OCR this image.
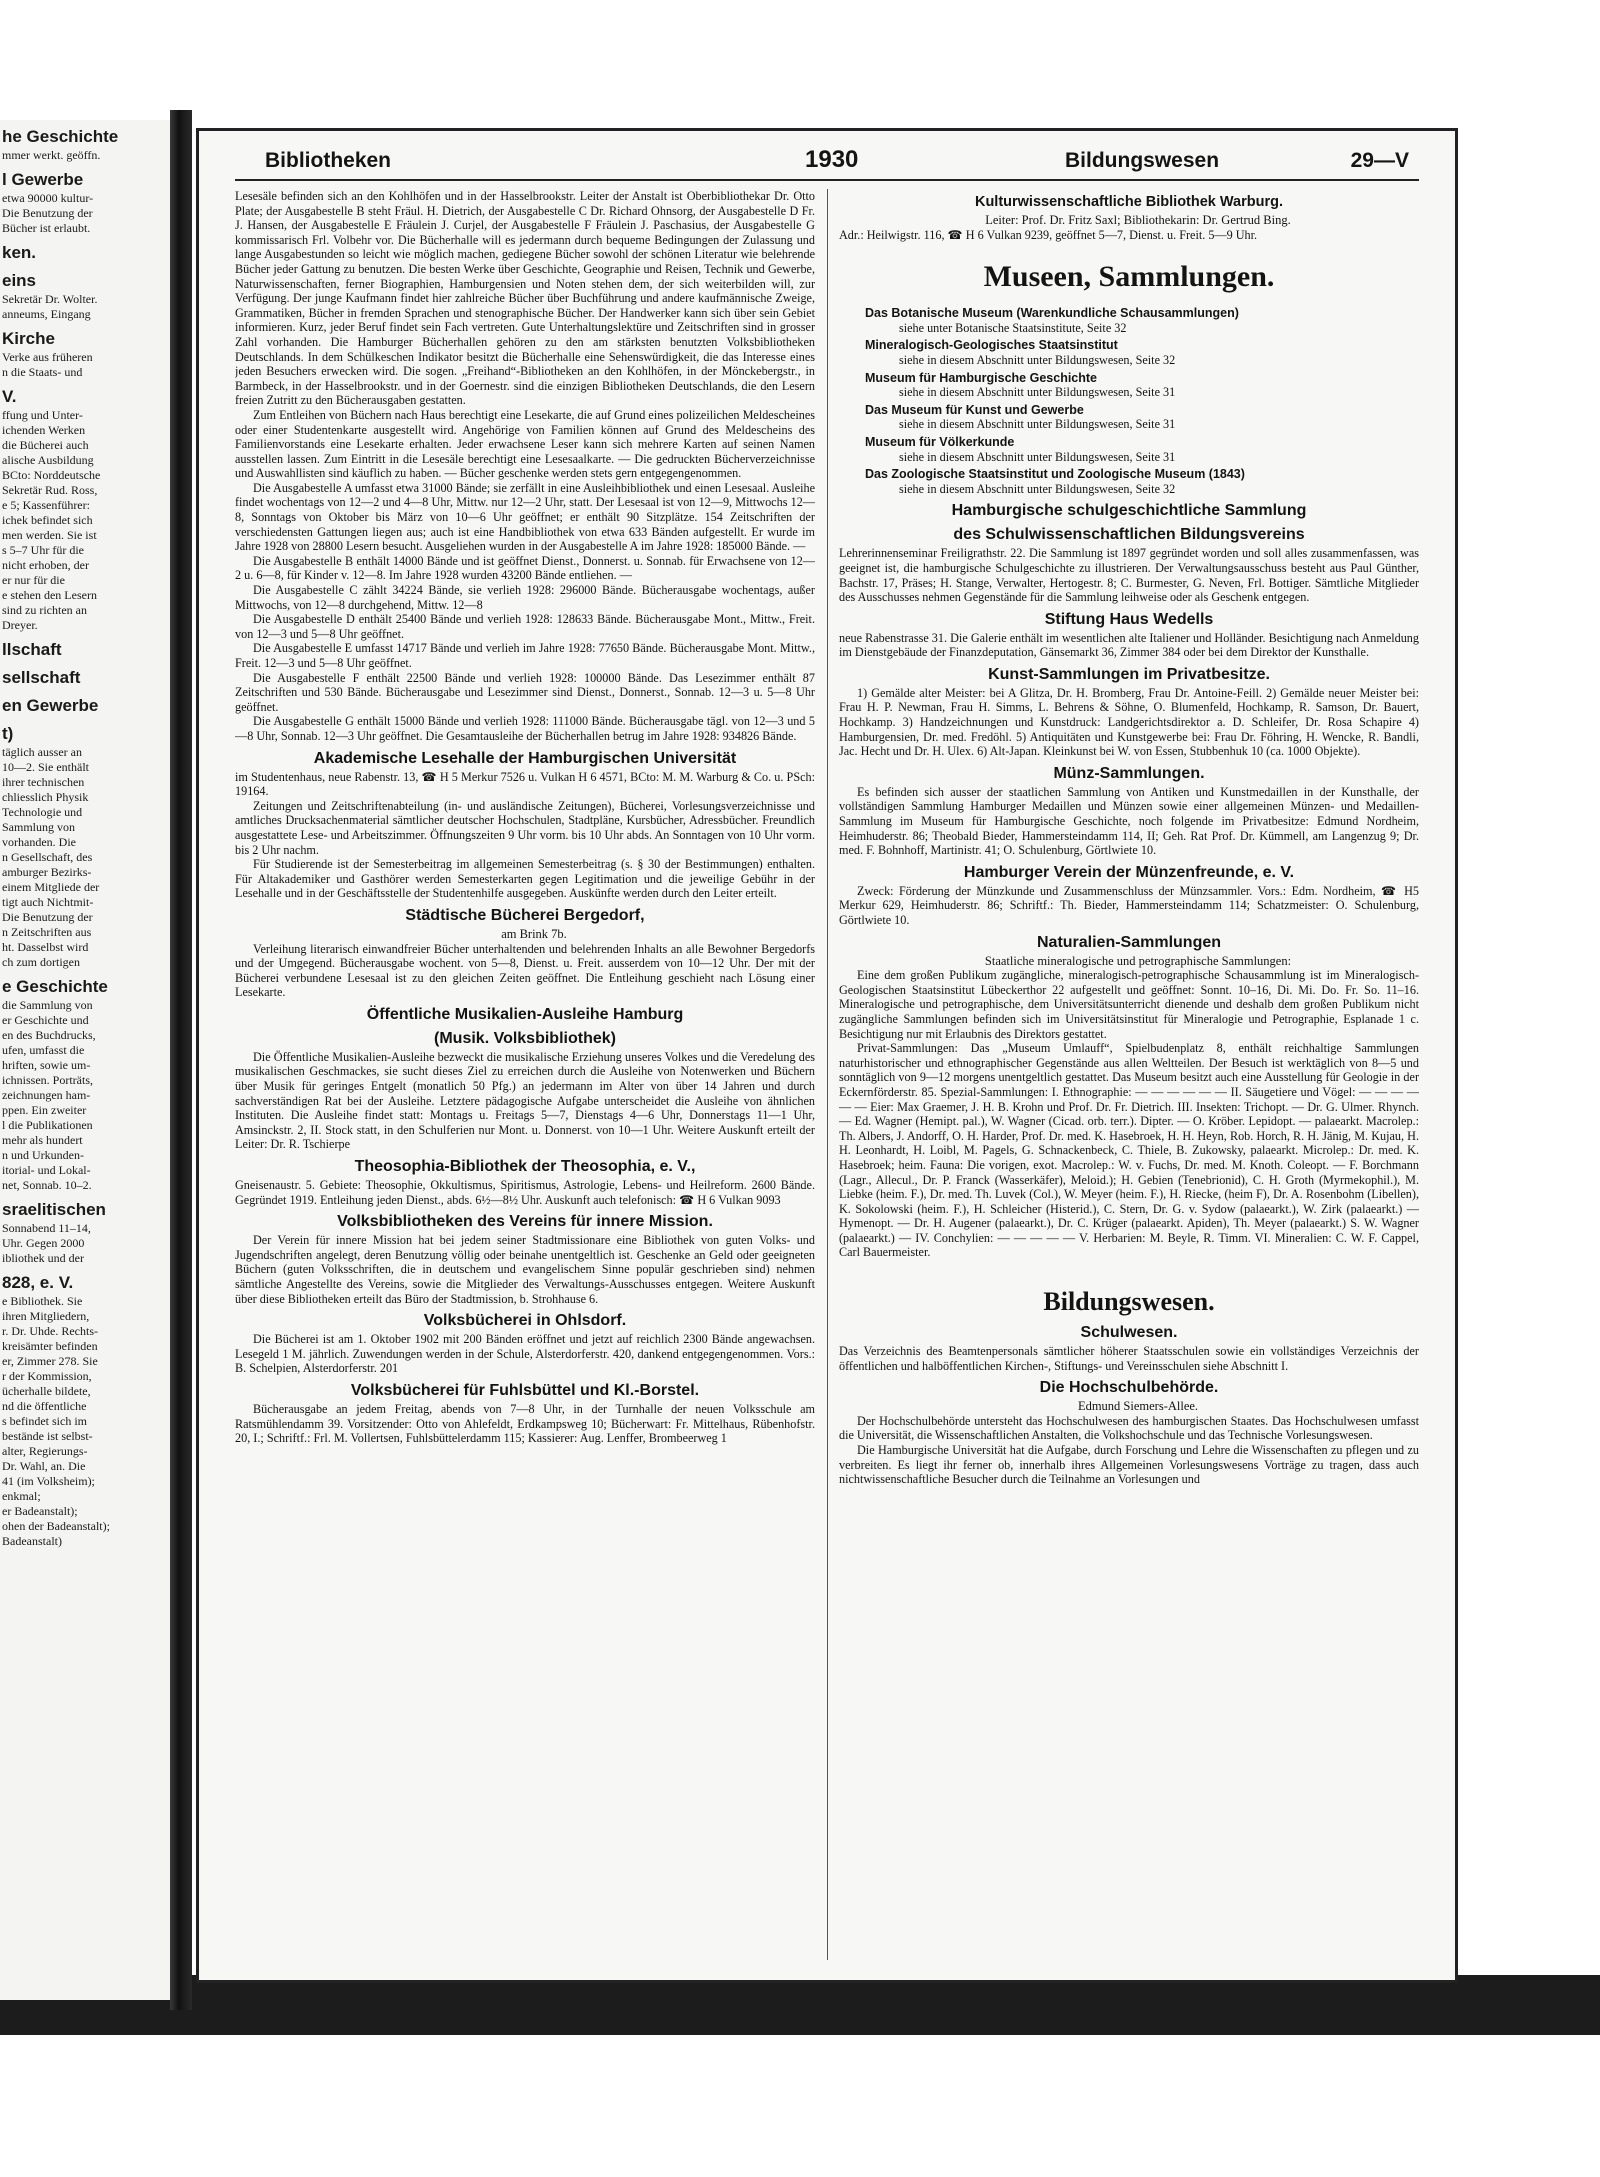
he Geschichte
mmer werkt. geöffn.
l Gewerbe
etwa 90000 kultur-
Die Benutzung der
Bücher ist erlaubt.
ken.
eins
Sekretär Dr. Wolter.
anneums, Eingang
Kirche
Verke aus früheren
n die Staats- und
V.
ffung und Unter-
ichenden Werken
die Bücherei auch
alische Ausbildung
BCto: Norddeutsche
Sekretär Rud. Ross,
e 5; Kassenführer:
ichek befindet sich
men werden. Sie ist
s 5–7 Uhr für die
nicht erhoben, der
er nur für die
e stehen den Lesern
sind zu richten an
Dreyer.
llschaft
sellschaft
en Gewerbe
t)
täglich ausser an
10—2. Sie enthält
ihrer technischen
chliesslich Physik
Technologie und
Sammlung von
vorhanden. Die
n Gesellschaft, des
amburger Bezirks-
einem Mitgliede der
tigt auch Nichtmit-
Die Benutzung der
n Zeitschriften aus
ht. Dasselbst wird
ch zum dortigen
e Geschichte
die Sammlung von
er Geschichte und
en des Buchdrucks,
ufen, umfasst die
hriften, sowie um-
ichnissen. Porträts,
zeichnungen ham-
ppen. Ein zweiter
l die Publikationen
mehr als hundert
n und Urkunden-
itorial- und Lokal-
net, Sonnab. 10–2.
sraelitischen
Sonnabend 11–14,
Uhr. Gegen 2000
ibliothek und der
828, e. V.
e Bibliothek. Sie
ihren Mitgliedern,
r. Dr. Uhde. Rechts-
kreisämter befinden
er, Zimmer 278. Sie
r der Kommission,
ücherhalle bildete,
nd die öffentliche
s befindet sich im
bestände ist selbst-
alter, Regierungs-
Dr. Wahl, an. Die
41 (im Volksheim);
enkmal;
er Badeanstalt);
ohen der Badeanstalt);
Badeanstalt)
Bibliotheken	1930	Bildungswesen	29—V

Lesesäle befinden sich an den Kohlhöfen und in der Hasselbrookstr. Leiter der Anstalt ist Oberbibliothekar Dr. Otto Plate; der Ausgabestelle B steht Fräul. H. Dietrich, der Ausgabestelle C Dr. Richard Ohnsorg, der Ausgabestelle D Fr. J. Hansen, der Ausgabestelle E Fräulein J. Curjel, der Ausgabestelle F Fräulein J. Paschasius, der Ausgabestelle G kommissarisch Frl. Volbehr vor. Die Bücherhalle will es jedermann durch bequeme Bedingungen der Zulassung und lange Ausgabestunden so leicht wie möglich machen, gediegene Bücher sowohl der schönen Literatur wie belehrende Bücher jeder Gattung zu benutzen. Die besten Werke über Geschichte, Geographie und Reisen, Technik und Gewerbe, Naturwissenschaften, ferner Biographien, Hamburgensien und Noten stehen dem, der sich weiterbilden will, zur Verfügung. Der junge Kaufmann findet hier zahlreiche Bücher über Buchführung und andere kaufmännische Zweige, Grammatiken, Bücher in fremden Sprachen und stenographische Bücher. Der Handwerker kann sich über sein Gebiet informieren. Kurz, jeder Beruf findet sein Fach vertreten. Gute Unterhaltungslektüre und Zeitschriften sind in grosser Zahl vorhanden. Die Hamburger Bücherhallen gehören zu den am stärksten benutzten Volksbibliotheken Deutschlands. In dem Schülkeschen Indikator besitzt die Bücherhalle eine Sehenswürdigkeit, die das Interesse eines jeden Besuchers erwecken wird. Die sogen. „Freihand“-Bibliotheken an den Kohlhöfen, in der Mönckebergstr., in Barmbeck, in der Hasselbrookstr. und in der Goernestr. sind die einzigen Bibliotheken Deutschlands, die den Lesern freien Zutritt zu den Bücherausgaben gestatten.

Zum Entleihen von Büchern nach Haus berechtigt eine Lesekarte, die auf Grund eines polizeilichen Meldescheines oder einer Studentenkarte ausgestellt wird. Angehörige von Familien können auf Grund des Meldescheins des Familienvorstands eine Lesekarte erhalten. Jeder erwachsene Leser kann sich mehrere Karten auf seinen Namen ausstellen lassen. Zum Eintritt in die Lesesäle berechtigt eine Lesesaalkarte. — Die gedruckten Bücherverzeichnisse und Auswahllisten sind käuflich zu haben. — Bücher geschenke werden stets gern entgegengenommen.

Die Ausgabestelle A umfasst etwa 31000 Bände; sie zerfällt in eine Ausleihbibliothek und einen Lesesaal. Ausleihe findet wochentags von 12—2 und 4—8 Uhr, Mittw. nur 12—2 Uhr, statt. Der Lesesaal ist von 12—9, Mittwochs 12—8, Sonntags von Oktober bis März von 10—6 Uhr geöffnet; er enthält 90 Sitzplätze. 154 Zeitschriften der verschiedensten Gattungen liegen aus; auch ist eine Handbibliothek von etwa 633 Bänden aufgestellt. Er wurde im Jahre 1928 von 28800 Lesern besucht. Ausgeliehen wurden in der Ausgabestelle A im Jahre 1928: 185000 Bände. —

Die Ausgabestelle B enthält 14000 Bände und ist geöffnet Dienst., Donnerst. u. Sonnab. für Erwachsene von 12—2 u. 6—8, für Kinder v. 12—8. Im Jahre 1928 wurden 43200 Bände entliehen. —

Die Ausgabestelle C zählt 34224 Bände, sie verlieh 1928: 296000 Bände. Bücherausgabe wochentags, außer Mittwochs, von 12—8 durchgehend, Mittw. 12—8

Die Ausgabestelle D enthält 25400 Bände und verlieh 1928: 128633 Bände. Bücherausgabe Mont., Mittw., Freit. von 12—3 und 5—8 Uhr geöffnet.

Die Ausgabestelle E umfasst 14717 Bände und verlieh im Jahre 1928: 77650 Bände. Bücherausgabe Mont. Mittw., Freit. 12—3 und 5—8 Uhr geöffnet.

Die Ausgabestelle F enthält 22500 Bände und verlieh 1928: 100000 Bände. Das Lesezimmer enthält 87 Zeitschriften und 530 Bände. Bücherausgabe und Lesezimmer sind Dienst., Donnerst., Sonnab. 12—3 u. 5—8 Uhr geöffnet.

Die Ausgabestelle G enthält 15000 Bände und verlieh 1928: 111000 Bände. Bücherausgabe tägl. von 12—3 und 5—8 Uhr, Sonnab. 12—3 Uhr geöffnet. Die Gesamtausleihe der Bücherhallen betrug im Jahre 1928: 934826 Bände.

Akademische Lesehalle der Hamburgischen Universität

im Studentenhaus, neue Rabenstr. 13, ☎ H 5 Merkur 7526 u. Vulkan H 6 4571, BCto: M. M. Warburg & Co. u. PSch: 19164.

Zeitungen und Zeitschriftenabteilung (in- und ausländische Zeitungen), Bücherei, Vorlesungsverzeichnisse und amtliches Drucksachenmaterial sämtlicher deutscher Hochschulen, Stadtpläne, Kursbücher, Adressbücher. Freundlich ausgestattete Lese- und Arbeitszimmer. Öffnungszeiten 9 Uhr vorm. bis 10 Uhr abds. An Sonntagen von 10 Uhr vorm. bis 2 Uhr nachm.

Für Studierende ist der Semesterbeitrag im allgemeinen Semesterbeitrag (s. § 30 der Bestimmungen) enthalten. Für Altakademiker und Gasthörer werden Semesterkarten gegen Legitimation und die jeweilige Gebühr in der Lesehalle und in der Geschäftsstelle der Studentenhilfe ausgegeben. Auskünfte werden durch den Leiter erteilt.

Städtische Bücherei Bergedorf,

am Brink 7b.

Verleihung literarisch einwandfreier Bücher unterhaltenden und belehrenden Inhalts an alle Bewohner Bergedorfs und der Umgegend. Bücherausgabe wochent. von 5—8, Dienst. u. Freit. ausserdem von 10—12 Uhr. Der mit der Bücherei verbundene Lesesaal ist zu den gleichen Zeiten geöffnet. Die Entleihung geschieht nach Lösung einer Lesekarte.

Öffentliche Musikalien-Ausleihe Hamburg
(Musik. Volksbibliothek)

Die Öffentliche Musikalien-Ausleihe bezweckt die musikalische Erziehung unseres Volkes und die Veredelung des musikalischen Geschmackes, sie sucht dieses Ziel zu erreichen durch die Ausleihe von Notenwerken und Büchern über Musik für geringes Entgelt (monatlich 50 Pfg.) an jedermann im Alter von über 14 Jahren und durch sachverständigen Rat bei der Ausleihe. Letztere pädagogische Aufgabe unterscheidet die Ausleihe von ähnlichen Instituten. Die Ausleihe findet statt: Montags u. Freitags 5—7, Dienstags 4—6 Uhr, Donnerstags 11—1 Uhr, Amsinckstr. 2, II. Stock statt, in den Schulferien nur Mont. u. Donnerst. von 10—1 Uhr. Weitere Auskunft erteilt der Leiter: Dr. R. Tschierpe

Theosophia-Bibliothek der Theosophia, e. V.,

Gneisenaustr. 5. Gebiete: Theosophie, Okkultismus, Spiritismus, Astrologie, Lebens- und Heilreform. 2600 Bände. Gegründet 1919. Entleihung jeden Dienst., abds. 6½—8½ Uhr. Auskunft auch telefonisch: ☎ H 6 Vulkan 9093

Volksbibliotheken des Vereins für innere Mission.

Der Verein für innere Mission hat bei jedem seiner Stadtmissionare eine Bibliothek von guten Volks- und Jugendschriften angelegt, deren Benutzung völlig oder beinahe unentgeltlich ist. Geschenke an Geld oder geeigneten Büchern (guten Volksschriften, die in deutschem und evangelischem Sinne populär geschrieben sind) nehmen sämtliche Angestellte des Vereins, sowie die Mitglieder des Verwaltungs-Ausschusses entgegen. Weitere Auskunft über diese Bibliotheken erteilt das Büro der Stadtmission, b. Strohhause 6.

Volksbücherei in Ohlsdorf.

Die Bücherei ist am 1. Oktober 1902 mit 200 Bänden eröffnet und jetzt auf reichlich 2300 Bände angewachsen. Lesegeld 1 M. jährlich. Zuwendungen werden in der Schule, Alsterdorferstr. 420, dankend entgegengenommen. Vors.: B. Schelpien, Alsterdorferstr. 201

Volksbücherei für Fuhlsbüttel und Kl.-Borstel.

Bücherausgabe an jedem Freitag, abends von 7—8 Uhr, in der Turnhalle der neuen Volksschule am Ratsmühlendamm 39. Vorsitzender: Otto von Ahlefeldt, Erdkampsweg 10; Bücherwart: Fr. Mittelhaus, Rübenhofstr. 20, I.; Schriftf.: Frl. M. Vollertsen, Fuhlsbüttelerdamm 115; Kassierer: Aug. Lenffer, Brombeerweg 1

Kulturwissenschaftliche Bibliothek Warburg.

Leiter: Prof. Dr. Fritz Saxl; Bibliothekarin: Dr. Gertrud Bing.

Adr.: Heilwigstr. 116, ☎ H 6 Vulkan 9239, geöffnet 5—7, Dienst. u. Freit. 5—9 Uhr.

Museen, Sammlungen.
Das Botanische Museum (Warenkundliche Schausammlungen)
siehe unter Botanische Staatsinstitute, Seite 32
Mineralogisch-Geologisches Staatsinstitut
siehe in diesem Abschnitt unter Bildungswesen, Seite 32
Museum für Hamburgische Geschichte
siehe in diesem Abschnitt unter Bildungswesen, Seite 31
Das Museum für Kunst und Gewerbe
siehe in diesem Abschnitt unter Bildungswesen, Seite 31
Museum für Völkerkunde
siehe in diesem Abschnitt unter Bildungswesen, Seite 31
Das Zoologische Staatsinstitut und Zoologische Museum (1843)
siehe in diesem Abschnitt unter Bildungswesen, Seite 32
Hamburgische schulgeschichtliche Sammlung
des Schulwissenschaftlichen Bildungsvereins

Lehrerinnenseminar Freiligrathstr. 22. Die Sammlung ist 1897 gegründet worden und soll alles zusammenfassen, was geeignet ist, die hamburgische Schulgeschichte zu illustrieren. Der Verwaltungsausschuss besteht aus Paul Günther, Bachstr. 17, Präses; H. Stange, Verwalter, Hertogestr. 8; C. Burmester, G. Neven, Frl. Bottiger. Sämtliche Mitglieder des Ausschusses nehmen Gegenstände für die Sammlung leihweise oder als Geschenk entgegen.

Stiftung Haus Wedells

neue Rabenstrasse 31. Die Galerie enthält im wesentlichen alte Italiener und Holländer. Besichtigung nach Anmeldung im Dienstgebäude der Finanzdeputation, Gänsemarkt 36, Zimmer 384 oder bei dem Direktor der Kunsthalle.

Kunst-Sammlungen im Privatbesitze.

1) Gemälde alter Meister: bei A Glitza, Dr. H. Bromberg, Frau Dr. Antoine-Feill. 2) Gemälde neuer Meister bei: Frau H. P. Newman, Frau H. Simms, L. Behrens & Söhne, O. Blumenfeld, Hochkamp, R. Samson, Dr. Bauert, Hochkamp. 3) Handzeichnungen und Kunstdruck: Landgerichtsdirektor a. D. Schleifer, Dr. Rosa Schapire 4) Hamburgensien, Dr. med. Fredöhl. 5) Antiquitäten und Kunstgewerbe bei: Frau Dr. Föhring, H. Wencke, R. Bandli, Jac. Hecht und Dr. H. Ulex. 6) Alt-Japan. Kleinkunst bei W. von Essen, Stubbenhuk 10 (ca. 1000 Objekte).

Münz-Sammlungen.

Es befinden sich ausser der staatlichen Sammlung von Antiken und Kunstmedaillen in der Kunsthalle, der vollständigen Sammlung Hamburger Medaillen und Münzen sowie einer allgemeinen Münzen- und Medaillen-Sammlung im Museum für Hamburgische Geschichte, noch folgende im Privatbesitze: Edmund Nordheim, Heimhuderstr. 86; Theobald Bieder, Hammersteindamm 114, II; Geh. Rat Prof. Dr. Kümmell, am Langenzug 9; Dr. med. F. Bohnhoff, Martinistr. 41; O. Schulenburg, Görtlwiete 10.

Hamburger Verein der Münzenfreunde, e. V.

Zweck: Förderung der Münzkunde und Zusammenschluss der Münzsammler. Vors.: Edm. Nordheim, ☎ H5 Merkur 629, Heimhuderstr. 86; Schriftf.: Th. Bieder, Hammersteindamm 114; Schatzmeister: O. Schulenburg, Görtlwiete 10.

Naturalien-Sammlungen

Staatliche mineralogische und petrographische Sammlungen:

Eine dem großen Publikum zugängliche, mineralogisch-petrographische Schausammlung ist im Mineralogisch-Geologischen Staatsinstitut Lübeckerthor 22 aufgestellt und geöffnet: Sonnt. 10–16, Di. Mi. Do. Fr. So. 11–16. Mineralogische und petrographische, dem Universitätsunterricht dienende und deshalb dem großen Publikum nicht zugängliche Sammlungen befinden sich im Universitätsinstitut für Mineralogie und Petrographie, Esplanade 1 c. Besichtigung nur mit Erlaubnis des Direktors gestattet.

Privat-Sammlungen: Das „Museum Umlauff“, Spielbudenplatz 8, enthält reichhaltige Sammlungen naturhistorischer und ethnographischer Gegenstände aus allen Weltteilen. Der Besuch ist werktäglich von 8—5 und sonntäglich von 9—12 morgens unentgeltlich gestattet. Das Museum besitzt auch eine Ausstellung für Geologie in der Eckernförderstr. 85. Spezial-Sammlungen: I. Ethnographie: — — — — — — II. Säugetiere und Vögel: — — — — — — Eier: Max Graemer, J. H. B. Krohn und Prof. Dr. Fr. Dietrich. III. Insekten: Trichopt. — Dr. G. Ulmer. Rhynch. — Ed. Wagner (Hemipt. pal.), W. Wagner (Cicad. orb. terr.). Dipter. — O. Kröber. Lepidopt. — palaearkt. Macrolep.: Th. Albers, J. Andorff, O. H. Harder, Prof. Dr. med. K. Hasebroek, H. H. Heyn, Rob. Horch, R. H. Jänig, M. Kujau, H. H. Leonhardt, H. Loibl, M. Pagels, G. Schnackenbeck, C. Thiele, B. Zukowsky, palaearkt. Microlep.: Dr. med. K. Hasebroek; heim. Fauna: Die vorigen, exot. Macrolep.: W. v. Fuchs, Dr. med. M. Knoth. Coleopt. — F. Borchmann (Lagr., Allecul., Dr. P. Franck (Wasserkäfer), Meloid.); H. Gebien (Tenebrionid), C. H. Groth (Myrmekophil.), M. Liebke (heim. F.), Dr. med. Th. Luvek (Col.), W. Meyer (heim. F.), H. Riecke, (heim F), Dr. A. Rosenbohm (Libellen), K. Sokolowski (heim. F.), H. Schleicher (Histerid.), C. Stern, Dr. G. v. Sydow (palaearkt.), W. Zirk (palaearkt.) — Hymenopt. — Dr. H. Augener (palaearkt.), Dr. C. Krüger (palaearkt. Apiden), Th. Meyer (palaearkt.) S. W. Wagner (palaearkt.) — IV. Conchylien: — — — — — V. Herbarien: M. Beyle, R. Timm. VI. Mineralien: C. W. F. Cappel, Carl Bauermeister.

Bildungswesen.
Schulwesen.

Das Verzeichnis des Beamtenpersonals sämtlicher höherer Staatsschulen sowie ein vollständiges Verzeichnis der öffentlichen und halböffentlichen Kirchen-, Stiftungs- und Vereinsschulen siehe Abschnitt I.

Die Hochschulbehörde.

Edmund Siemers-Allee.

Der Hochschulbehörde untersteht das Hochschulwesen des hamburgischen Staates. Das Hochschulwesen umfasst die Universität, die Wissenschaftlichen Anstalten, die Volkshochschule und das Technische Vorlesungswesen.

Die Hamburgische Universität hat die Aufgabe, durch Forschung und Lehre die Wissenschaften zu pflegen und zu verbreiten. Es liegt ihr ferner ob, innerhalb ihres Allgemeinen Vorlesungswesens Vorträge zu tragen, dass auch nichtwissenschaftliche Besucher durch die Teilnahme an Vorlesungen und
